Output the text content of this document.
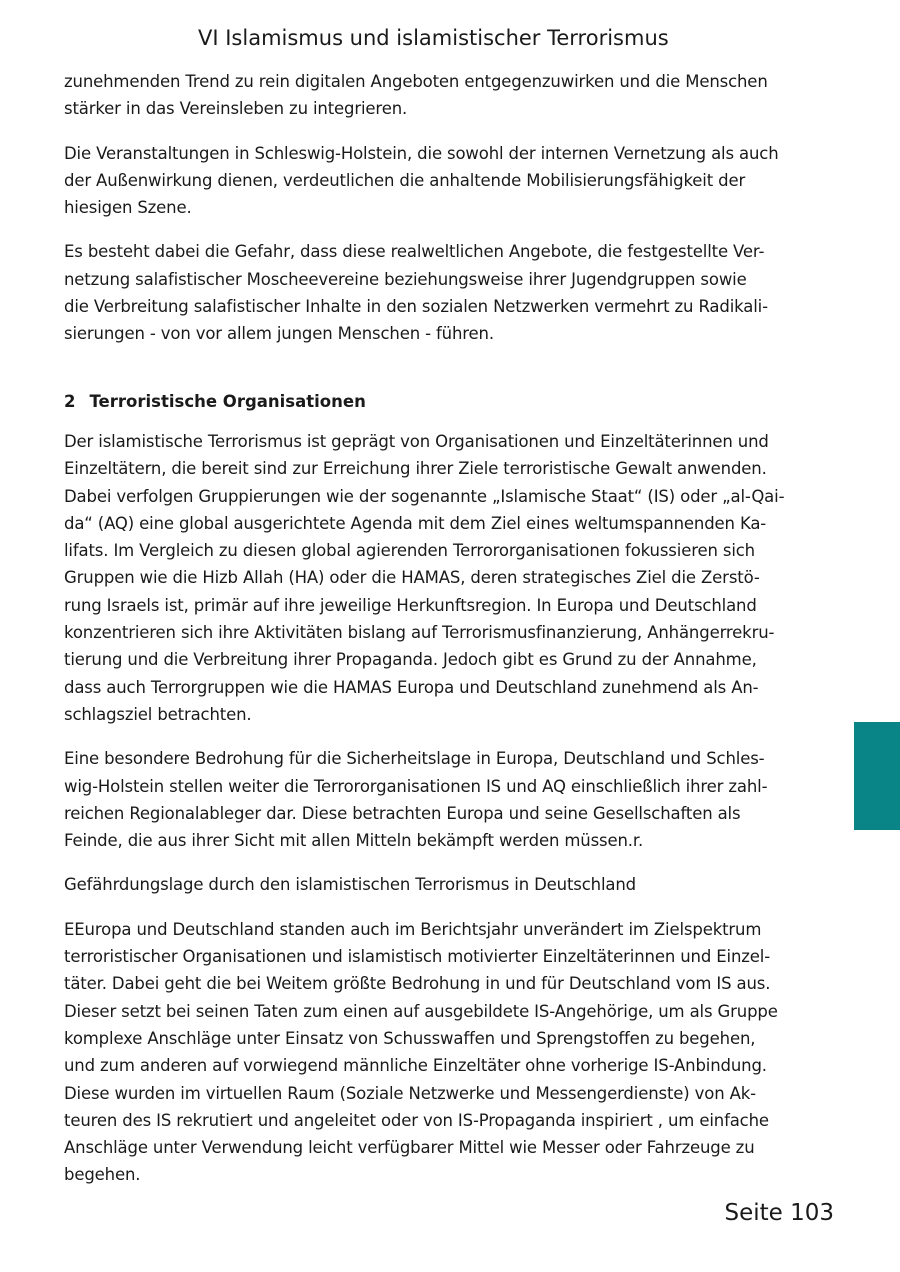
VI Islamismus und islamistischer Terrorismus

zunehmenden Trend zu rein digitalen Angeboten entgegenzuwirken und die Menschen

stärker in das Vereinsleben zu integrieren.

Die Veranstaltungen in Schleswig-Holstein, die sowohl der internen Vernetzung als auch

der Außenwirkung dienen, verdeutlichen die anhaltende Mobilisierungsfähigkeit der

hiesigen Szene.

Es besteht dabei die Gefahr, dass diese realweltlichen Angebote, die festgestellte Ver-

netzung salafistischer Moscheevereine beziehungsweise ihrer Jugendgruppen sowie

die Verbreitung salafistischer Inhalte in den sozialen Netzwerken vermehrt zu Radikali-

sierungen - von vor allem jungen Menschen - führen.

2 Terroristische Organisationen

Der islamistische Terrorismus ist geprägt von Organisationen und Einzeltäterinnen und

Einzeltätern, die bereit sind zur Erreichung ihrer Ziele terroristische Gewalt anwenden.

Dabei verfolgen Gruppierungen wie der sogenannte „Islamische Staat“ (IS) oder „al-Qai-

da“ (AQ) eine global ausgerichtete Agenda mit dem Ziel eines weltumspannenden Ka-

lifats. Im Vergleich zu diesen global agierenden Terrororganisationen fokussieren sich

Gruppen wie die Hizb Allah (HA) oder die HAMAS, deren strategisches Ziel die Zerstö-

rung Israels ist, primär auf ihre jeweilige Herkunftsregion. In Europa und Deutschland

konzentrieren sich ihre Aktivitäten bislang auf Terrorismusfinanzierung, Anhängerrekru-

tierung und die Verbreitung ihrer Propaganda. Jedoch gibt es Grund zu der Annahme,

dass auch Terrorgruppen wie die HAMAS Europa und Deutschland zunehmend als An-

schlagsziel betrachten.

Eine besondere Bedrohung für die Sicherheitslage in Europa, Deutschland und Schles-

wig-Holstein stellen weiter die Terrororganisationen IS und AQ einschließlich ihrer zahl-

reichen Regionalableger dar. Diese betrachten Europa und seine Gesellschaften als

Feinde, die aus ihrer Sicht mit allen Mitteln bekämpft werden müssen.r.

Gefährdungslage durch den islamistischen Terrorismus in Deutschland

EEuropa und Deutschland standen auch im Berichtsjahr unverändert im Zielspektrum

terroristischer Organisationen und islamistisch motivierter Einzeltäterinnen und Einzel-

täter. Dabei geht die bei Weitem größte Bedrohung in und für Deutschland vom IS aus.

Dieser setzt bei seinen Taten zum einen auf ausgebildete IS-Angehörige, um als Gruppe

komplexe Anschläge unter Einsatz von Schusswaffen und Sprengstoffen zu begehen,

und zum anderen auf vorwiegend männliche Einzeltäter ohne vorherige IS-Anbindung.

Diese wurden im virtuellen Raum (Soziale Netzwerke und Messengerdienste) von Ak-

teuren des IS rekrutiert und angeleitet oder von IS-Propaganda inspiriert , um einfache

Anschläge unter Verwendung leicht verfügbarer Mittel wie Messer oder Fahrzeuge zu

begehen.

Seite 103
